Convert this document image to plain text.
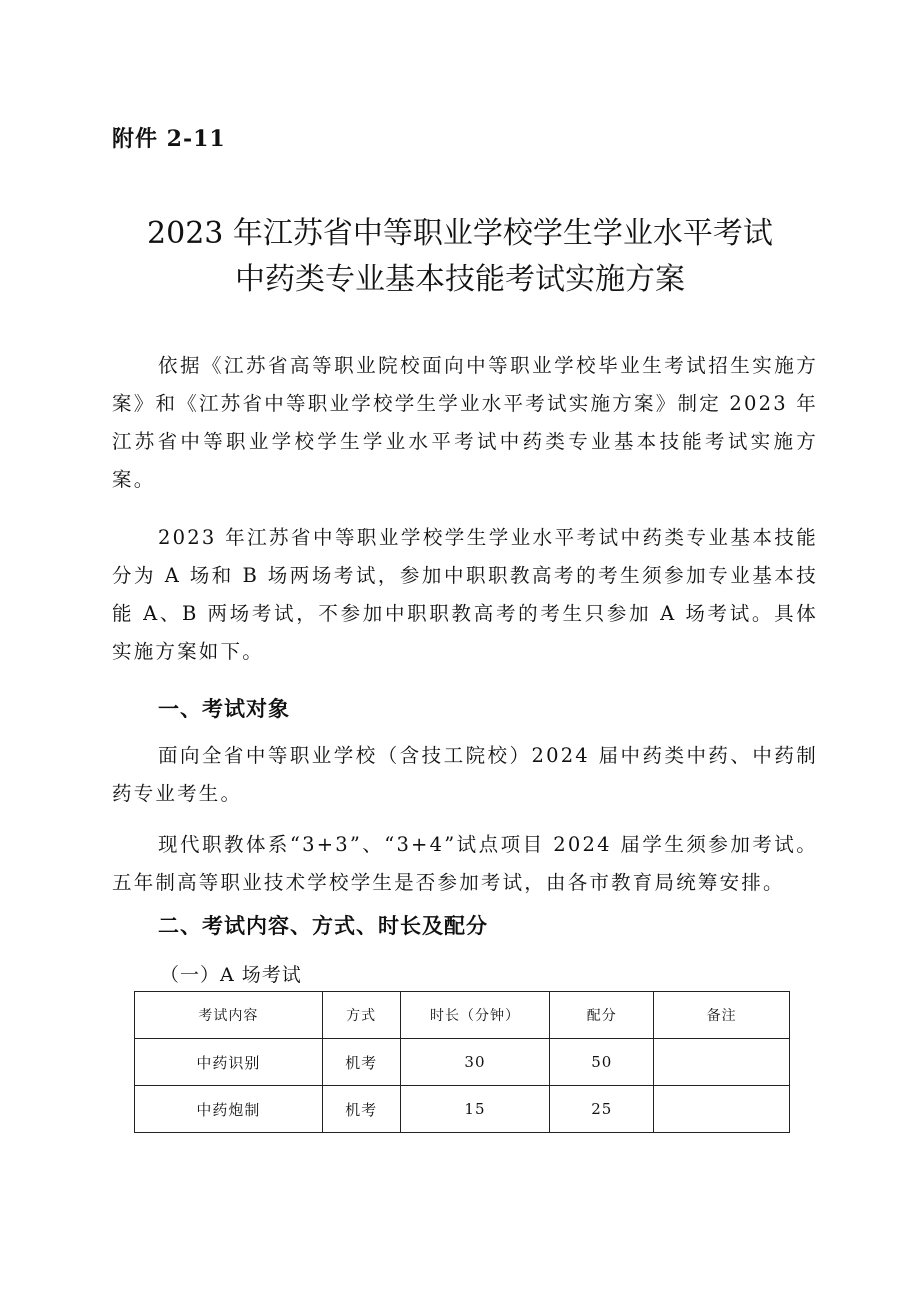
附件 2-11

2023 年江苏省中等职业学校学生学业水平考试
中药类专业基本技能考试实施方案

依据《江苏省高等职业院校面向中等职业学校毕业生考试招生实施方案》和《江苏省中等职业学校学生学业水平考试实施方案》制定 2023 年江苏省中等职业学校学生学业水平考试中药类专业基本技能考试实施方案。

2023 年江苏省中等职业学校学生学业水平考试中药类专业基本技能分为 A 场和 B 场两场考试，参加中职职教高考的考生须参加专业基本技能 A、B 两场考试，不参加中职职教高考的考生只参加 A 场考试。具体实施方案如下。

一、考试对象

面向全省中等职业学校（含技工院校）2024 届中药类中药、中药制药专业考生。

现代职教体系“3+3”、“3+4”试点项目 2024 届学生须参加考试。五年制高等职业技术学校学生是否参加考试，由各市教育局统筹安排。

二、考试内容、方式、时长及配分

（一）A 场考试

考试内容	方式	时长（分钟）	配分	备注
中药识别	机考	30	50	
中药炮制	机考	15	25	
